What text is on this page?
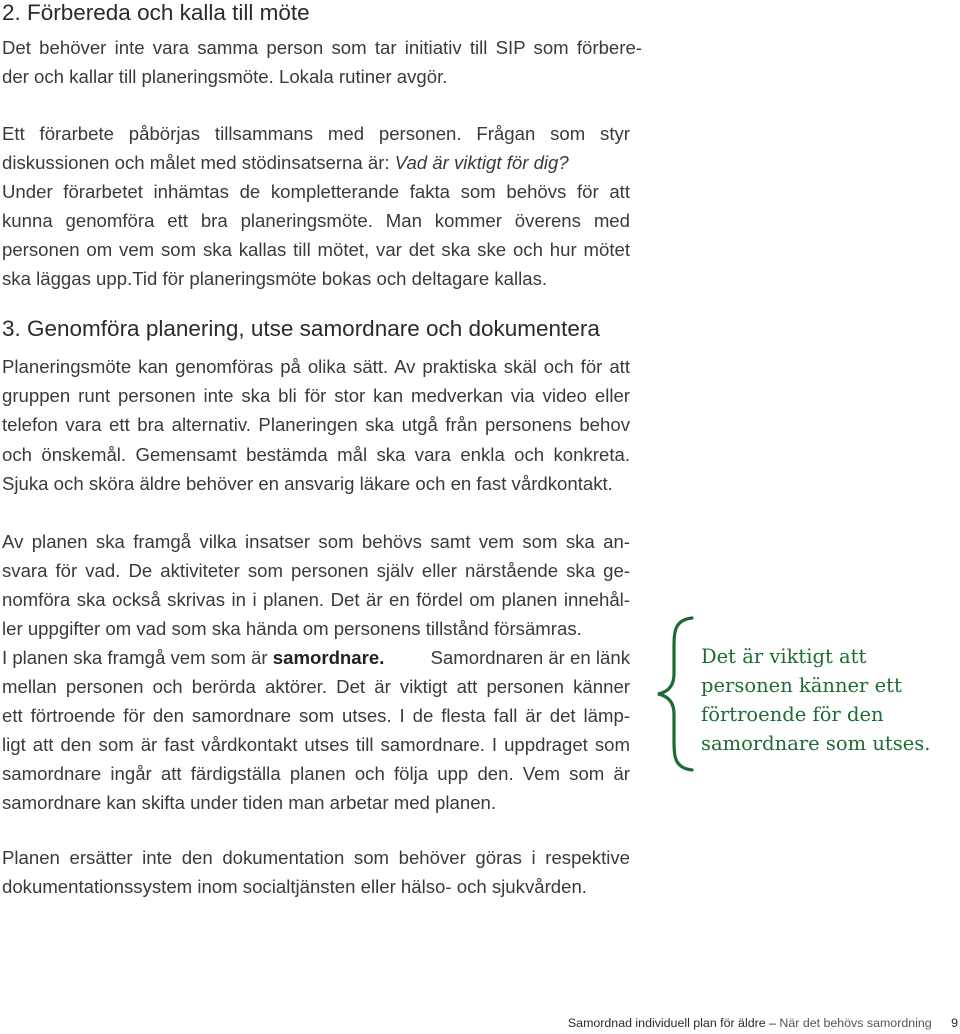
2. Förbereda och kalla till möte

Det behöver inte vara samma person som tar initiativ till SIP som förbere-
der och kallar till planeringsmöte. Lokala rutiner avgör.

Ett förarbete påbörjas tillsammans med personen. Frågan som styr
diskussionen och målet med stödinsatserna är: Vad är viktigt för dig?
Under förarbetet inhämtas de kompletterande fakta som behövs för att
kunna genomföra ett bra planeringsmöte. Man kommer överens med
personen om vem som ska kallas till mötet, var det ska ske och hur mötet
ska läggas upp.Tid för planeringsmöte bokas och deltagare kallas.

3. Genomföra planering, utse samordnare och dokumentera

Planeringsmöte kan genomföras på olika sätt. Av praktiska skäl och för att
gruppen runt personen inte ska bli för stor kan medverkan via video eller
telefon vara ett bra alternativ. Planeringen ska utgå från personens behov
och önskemål. Gemensamt bestämda mål ska vara enkla och konkreta.
Sjuka och sköra äldre behöver en ansvarig läkare och en fast vårdkontakt.

Av planen ska framgå vilka insatser som behövs samt vem som ska an-
svara för vad. De aktiviteter som personen själv eller närstående ska ge-
nomföra ska också skrivas in i planen. Det är en fördel om planen innehål-
ler uppgifter om vad som ska hända om personens tillstånd försämras.
I planen ska framgå vem som är samordnare. Samordnaren är en länk
mellan personen och berörda aktörer. Det är viktigt att personen känner
ett förtroende för den samordnare som utses. I de flesta fall är det lämp-
ligt att den som är fast vårdkontakt utses till samordnare. I uppdraget som
samordnare ingår att färdigställa planen och följa upp den. Vem som är
samordnare kan skifta under tiden man arbetar med planen.

Planen ersätter inte den dokumentation som behöver göras i respektive
dokumentationssystem inom socialtjänsten eller hälso- och sjukvården.

Det är viktigt att
personen känner ett
förtroende för den
samordnare som utses.

Samordnad individuell plan för äldre – När det behövs samordning 9
